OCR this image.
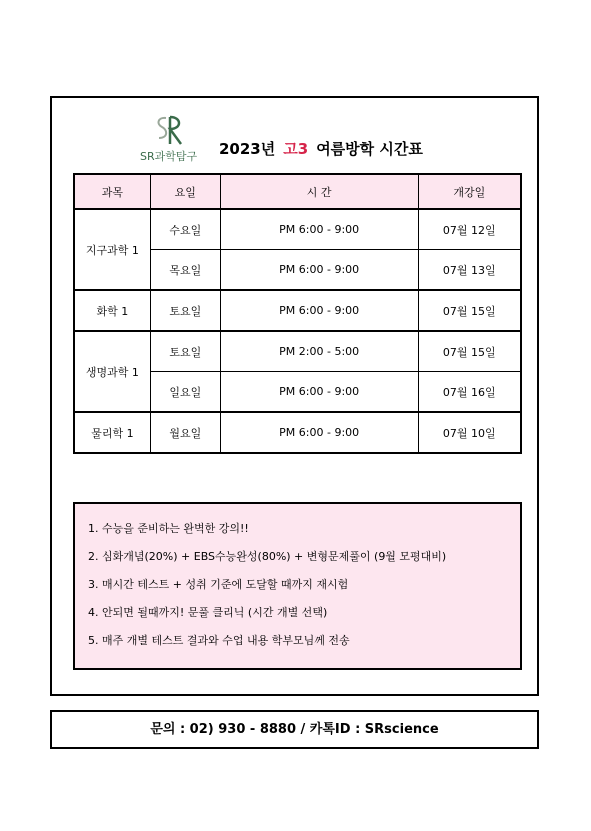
SR과학탐구 2023년 고3 여름방학 시간표
과목	요일	시 간	개강일
지구과학 1	수요일	PM 6:00 - 9:00	07월 12일
	목요일	PM 6:00 - 9:00	07월 13일
화학 1	토요일	PM 6:00 - 9:00	07월 15일
생명과학 1	토요일	PM 2:00 - 5:00	07월 15일
	일요일	PM 6:00 - 9:00	07월 16일
물리학 1	월요일	PM 6:00 - 9:00	07월 10일
1. 수능을 준비하는 완벽한 강의!!
2. 심화개념(20%) + EBS수능완성(80%) + 변형문제풀이 (9월 모평대비)
3. 매시간 테스트 + 성취 기준에 도달할 때까지 재시험
4. 안되면 될때까지! 문풀 클리닉 (시간 개별 선택)
5. 매주 개별 테스트 결과와 수업 내용 학부모님께 전송
문의 : 02) 930 - 8880 / 카톡ID : SRscience
